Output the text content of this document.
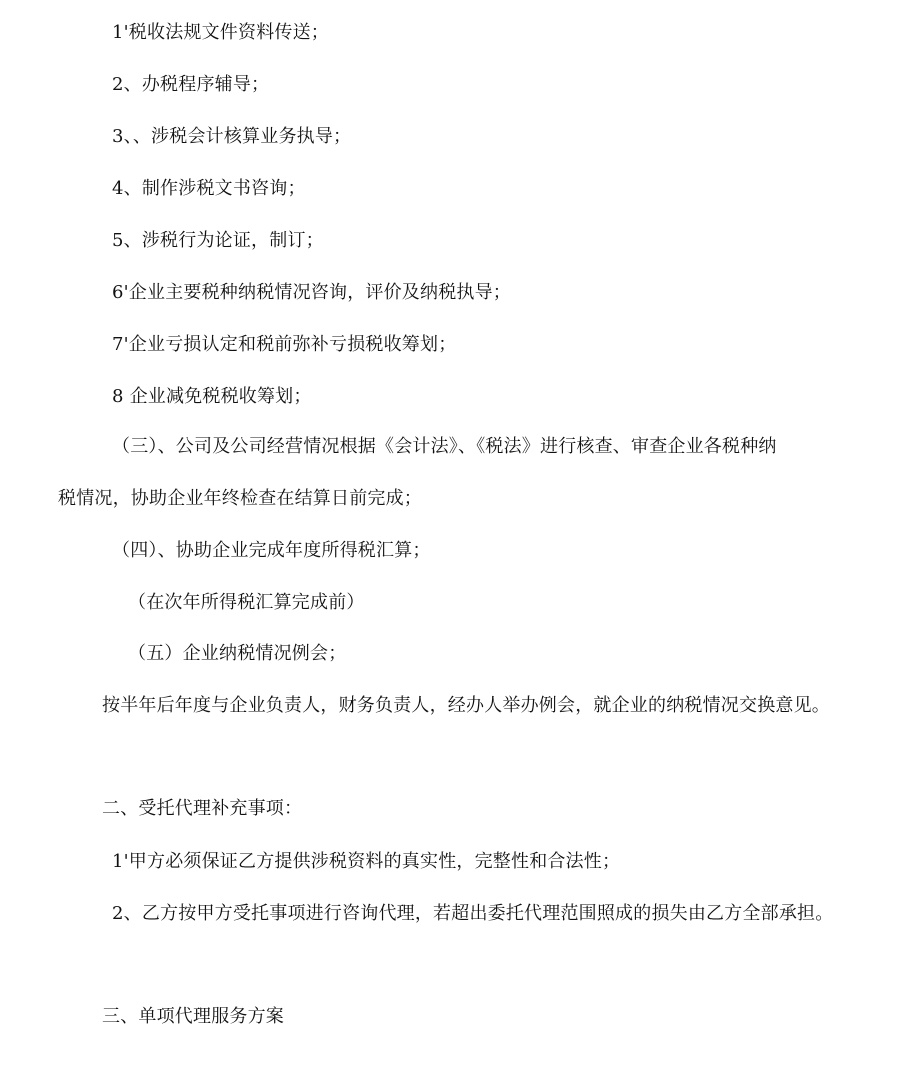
1'税收法规文件资料传送；
2、办税程序辅导；
3、、涉税会计核算业务执导；
4、制作涉税文书咨询；
5、涉税行为论证，制订；
6'企业主要税种纳税情况咨询，评价及纳税执导；
7'企业亏损认定和税前弥补亏损税收筹划；
8 企业减免税税收筹划；
（三）、公司及公司经营情况根据《会计法》、《税法》进行核查、审查企业各税种纳
税情况，协助企业年终检查在结算日前完成；
（四）、协助企业完成年度所得税汇算；
（在次年所得税汇算完成前）
（五）企业纳税情况例会；
按半年后年度与企业负责人，财务负责人，经办人举办例会，就企业的纳税情况交换意见。
二、受托代理补充事项：
1'甲方必须保证乙方提供涉税资料的真实性，完整性和合法性；
2、乙方按甲方受托事项进行咨询代理，若超出委托代理范围照成的损失由乙方全部承担。
三、单项代理服务方案
